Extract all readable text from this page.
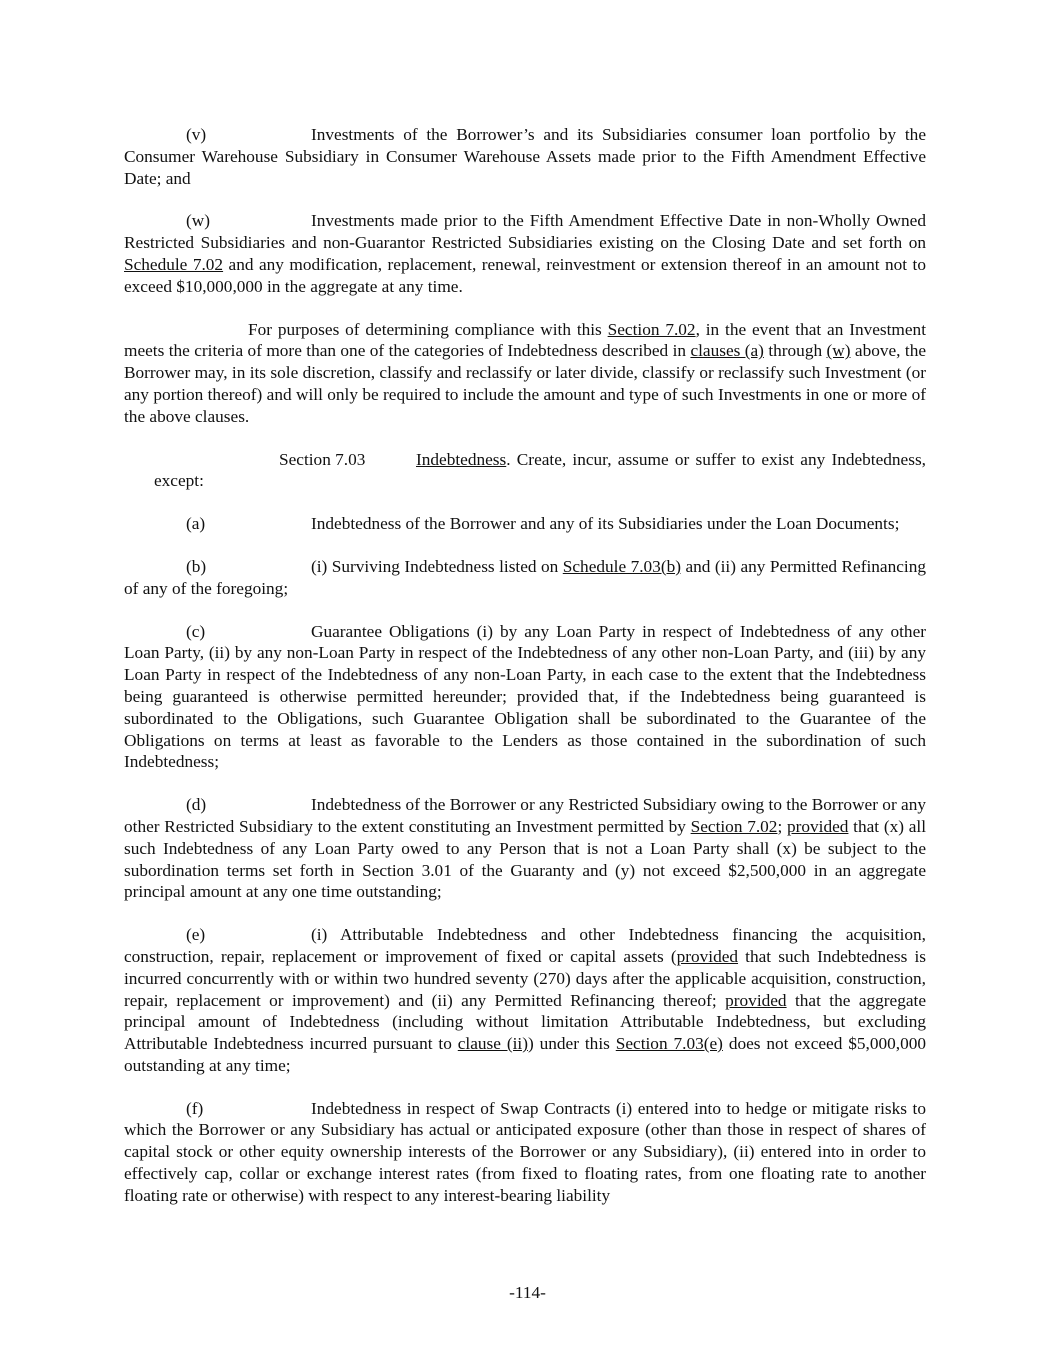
(v)	Investments of the Borrower’s and its Subsidiaries consumer loan portfolio by the Consumer Warehouse Subsidiary in Consumer Warehouse Assets made prior to the Fifth Amendment Effective Date; and

(w)	Investments made prior to the Fifth Amendment Effective Date in non-Wholly Owned Restricted Subsidiaries and non-Guarantor Restricted Subsidiaries existing on the Closing Date and set forth on Schedule 7.02 and any modification, replacement, renewal, reinvestment or extension thereof in an amount not to exceed $10,000,000 in the aggregate at any time.

For purposes of determining compliance with this Section 7.02, in the event that an Investment meets the criteria of more than one of the categories of Indebtedness described in clauses (a) through (w) above, the Borrower may, in its sole discretion, classify and reclassify or later divide, classify or reclassify such Investment (or any portion thereof) and will only be required to include the amount and type of such Investments in one or more of the above clauses.

Section 7.03	Indebtedness. Create, incur, assume or suffer to exist any Indebtedness, except:

(a)	Indebtedness of the Borrower and any of its Subsidiaries under the Loan Documents;

(b)	(i) Surviving Indebtedness listed on Schedule 7.03(b) and (ii) any Permitted Refinancing of any of the foregoing;

(c)	Guarantee Obligations (i) by any Loan Party in respect of Indebtedness of any other Loan Party, (ii) by any non-Loan Party in respect of the Indebtedness of any other non-Loan Party, and (iii) by any Loan Party in respect of the Indebtedness of any non-Loan Party, in each case to the extent that the Indebtedness being guaranteed is otherwise permitted hereunder; provided that, if the Indebtedness being guaranteed is subordinated to the Obligations, such Guarantee Obligation shall be subordinated to the Guarantee of the Obligations on terms at least as favorable to the Lenders as those contained in the subordination of such Indebtedness;

(d)	Indebtedness of the Borrower or any Restricted Subsidiary owing to the Borrower or any other Restricted Subsidiary to the extent constituting an Investment permitted by Section 7.02; provided that (x) all such Indebtedness of any Loan Party owed to any Person that is not a Loan Party shall (x) be subject to the subordination terms set forth in Section 3.01 of the Guaranty and (y) not exceed $2,500,000 in an aggregate principal amount at any one time outstanding;

(e)	(i) Attributable Indebtedness and other Indebtedness financing the acquisition, construction, repair, replacement or improvement of fixed or capital assets (provided that such Indebtedness is incurred concurrently with or within two hundred seventy (270) days after the applicable acquisition, construction, repair, replacement or improvement) and (ii) any Permitted Refinancing thereof; provided that the aggregate principal amount of Indebtedness (including without limitation Attributable Indebtedness, but excluding Attributable Indebtedness incurred pursuant to clause (ii)) under this Section 7.03(e) does not exceed $5,000,000 outstanding at any time;

(f)	Indebtedness in respect of Swap Contracts (i) entered into to hedge or mitigate risks to which the Borrower or any Subsidiary has actual or anticipated exposure (other than those in respect of shares of capital stock or other equity ownership interests of the Borrower or any Subsidiary), (ii) entered into in order to effectively cap, collar or exchange interest rates (from fixed to floating rates, from one floating rate to another floating rate or otherwise) with respect to any interest-bearing liability

-114-
